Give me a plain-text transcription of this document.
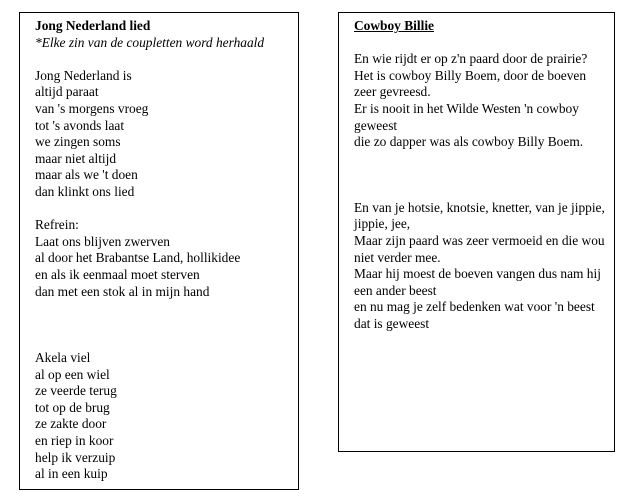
Jong Nederland lied

*Elke zin van de coupletten word herhaald

Jong Nederland is

altijd paraat

van 's morgens vroeg

tot 's avonds laat

we zingen soms

maar niet altijd

maar als we 't doen

dan klinkt ons lied

Refrein:

Laat ons blijven zwerven

al door het Brabantse Land, hollikidee

en als ik eenmaal moet sterven

dan met een stok al in mijn hand

Akela viel

al op een wiel

ze veerde terug

tot op de brug

ze zakte door

en riep in koor

help ik verzuip

al in een kuip

Cowboy Billie

En wie rijdt er op z'n paard door de prairie?

Het is cowboy Billy Boem, door de boeven zeer gevreesd.

Er is nooit in het Wilde Westen 'n cowboy geweest

die zo dapper was als cowboy Billy Boem.

En van je hotsie, knotsie, knetter, van je jippie, jippie, jee,

Maar zijn paard was zeer vermoeid en die wou niet verder mee.

Maar hij moest de boeven vangen dus nam hij een ander beest

en nu mag je zelf bedenken wat voor 'n beest dat is geweest
